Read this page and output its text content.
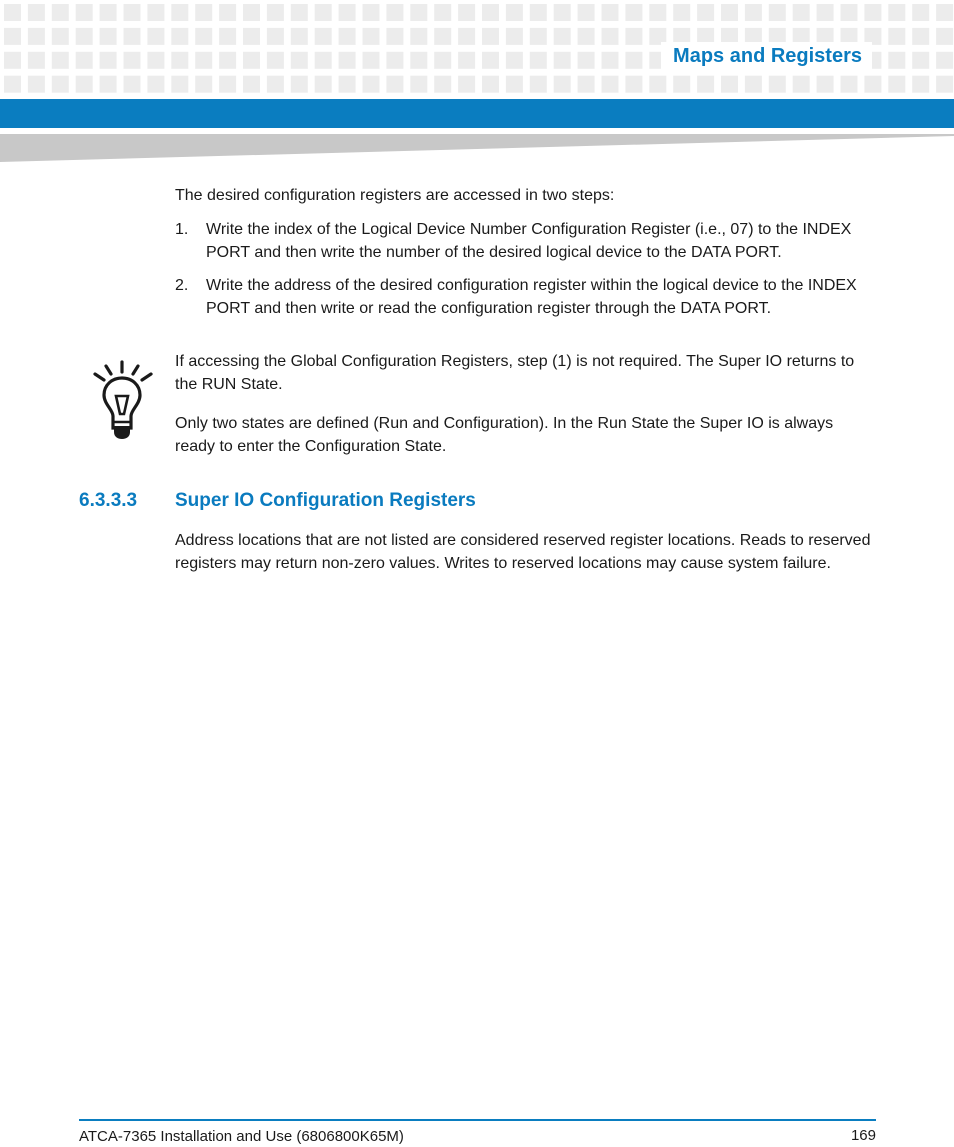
Maps and Registers

The desired configuration registers are accessed in two steps:

1. Write the index of the Logical Device Number Configuration Register (i.e., 07) to the INDEX PORT and then write the number of the desired logical device to the DATA PORT.
2. Write the address of the desired configuration register within the logical device to the INDEX PORT and then write or read the configuration register through the DATA PORT.

If accessing the Global Configuration Registers, step (1) is not required. The Super IO returns to the RUN State.

Only two states are defined (Run and Configuration). In the Run State the Super IO is always ready to enter the Configuration State.

6.3.3.3 Super IO Configuration Registers

Address locations that are not listed are considered reserved register locations. Reads to reserved registers may return non-zero values. Writes to reserved locations may cause system failure.

ATCA-7365 Installation and Use (6806800K65M)	169
